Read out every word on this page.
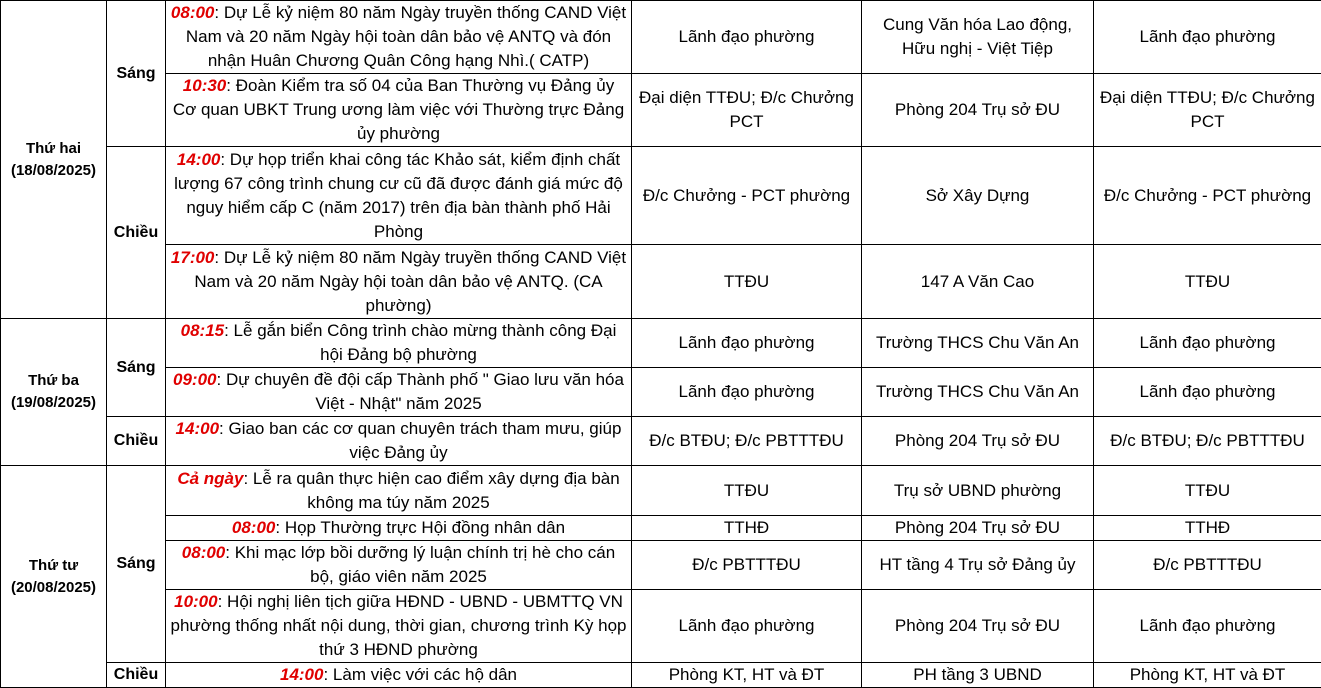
Thứ hai
(18/08/2025)	Sáng	08:00: Dự Lễ kỷ niệm 80 năm Ngày truyền thống CAND Việt Nam và 20 năm Ngày hội toàn dân bảo vệ ANTQ và đón nhận Huân Chương Quân Công hạng Nhì.( CATP)	Lãnh đạo phường	Cung Văn hóa Lao động, Hữu nghị - Việt Tiệp	Lãnh đạo phường
		10:30: Đoàn Kiểm tra số 04 của Ban Thường vụ Đảng ủy Cơ quan UBKT Trung ương làm việc với Thường trực Đảng ủy phường	Đại diện TTĐU; Đ/c Chưởng PCT	Phòng 204 Trụ sở ĐU	Đại diện TTĐU; Đ/c Chưởng PCT
	Chiều	14:00: Dự họp triển khai công tác Khảo sát, kiểm định chất lượng 67 công trình chung cư cũ đã được đánh giá mức độ nguy hiểm cấp C (năm 2017) trên địa bàn thành phố Hải Phòng	Đ/c Chưởng - PCT phường	Sở Xây Dựng	Đ/c Chưởng - PCT phường
		17:00: Dự Lễ kỷ niệm 80 năm Ngày truyền thống CAND Việt Nam và 20 năm Ngày hội toàn dân bảo vệ ANTQ. (CA phường)	TTĐU	147 A Văn Cao	TTĐU

Thứ ba
(19/08/2025)	Sáng	08:15: Lễ gắn biển Công trình chào mừng thành công Đại hội Đảng bộ phường	Lãnh đạo phường	Trường THCS Chu Văn An	Lãnh đạo phường
		09:00: Dự chuyên đề đội cấp Thành phố " Giao lưu văn hóa Việt - Nhật" năm 2025	Lãnh đạo phường	Trường THCS Chu Văn An	Lãnh đạo phường
	Chiều	14:00: Giao ban các cơ quan chuyên trách tham mưu, giúp việc Đảng ủy	Đ/c BTĐU; Đ/c PBTTTĐU	Phòng 204 Trụ sở ĐU	Đ/c BTĐU; Đ/c PBTTTĐU

Thứ tư
(20/08/2025)	Sáng	Cả ngày: Lễ ra quân thực hiện cao điểm xây dựng địa bàn không ma túy năm 2025	TTĐU	Trụ sở UBND phường	TTĐU
		08:00: Họp Thường trực Hội đồng nhân dân	TTHĐ	Phòng 204 Trụ sở ĐU	TTHĐ
		08:00: Khi mạc lớp bồi dưỡng lý luận chính trị hè cho cán bộ, giáo viên năm 2025	Đ/c PBTTTĐU	HT tầng 4 Trụ sở Đảng ủy	Đ/c PBTTTĐU
		10:00: Hội nghị liên tịch giữa HĐND - UBND - UBMTTQ VN phường thống nhất nội dung, thời gian, chương trình Kỳ họp thứ 3 HĐND phường	Lãnh đạo phường	Phòng 204 Trụ sở ĐU	Lãnh đạo phường
	Chiều	14:00: Làm việc với các hộ dân	Phòng KT, HT và ĐT	PH tầng 3 UBND	Phòng KT, HT và ĐT
